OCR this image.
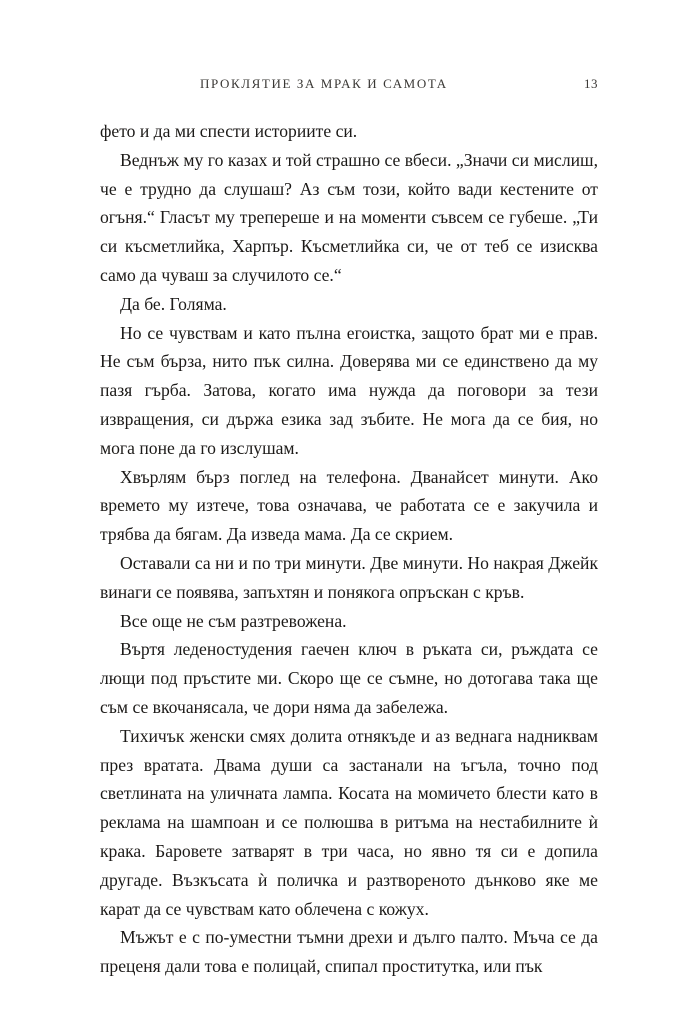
ПРОКЛЯТИЕ ЗА МРАК И САМОТА	13

фето и да ми спести историите си.

Веднъж му го казах и той страшно се вбеси. „Значи си мислиш, че е трудно да слушаш? Аз съм този, който вади кестените от огъня.“ Гласът му трепереше и на моменти съвсем се губеше. „Ти си късметлийка, Харпър. Късметлийка си, че от теб се изисква само да чуваш за случилото се.“

Да бе. Голяма.

Но се чувствам и като пълна егоистка, защото брат ми е прав. Не съм бърза, нито пък силна. Доверява ми се единствено да му пазя гърба. Затова, когато има нужда да поговори за тези извращения, си държа езика зад зъбите. Не мога да се бия, но мога поне да го изслушам.

Хвърлям бърз поглед на телефона. Дванайсет минути. Ако времето му изтече, това означава, че работата се е закучила и трябва да бягам. Да изведа мама. Да се скрием.

Оставали са ни и по три минути. Две минути. Но накрая Джейк винаги се появява, запъхтян и понякога опръскан с кръв.

Все още не съм разтревожена.

Въртя леденостудения гаечен ключ в ръката си, ръждата се лющи под пръстите ми. Скоро ще се съмне, но дотогава така ще съм се вкочанясала, че дори няма да забележа.

Тихичък женски смях долита отнякъде и аз веднага надниквам през вратата. Двама души са застанали на ъгъла, точно под светлината на уличната лампа. Косата на момичето блести като в реклама на шампоан и се полюшва в ритъма на нестабилните ѝ крака. Баровете затварят в три часа, но явно тя си е допила другаде. Възкъсата ѝ поличка и разтвореното дънково яке ме карат да се чувствам като облечена с кожух.

Мъжът е с по-уместни тъмни дрехи и дълго палто. Мъча се да преценя дали това е полицай, спипал проститутка, или пък
